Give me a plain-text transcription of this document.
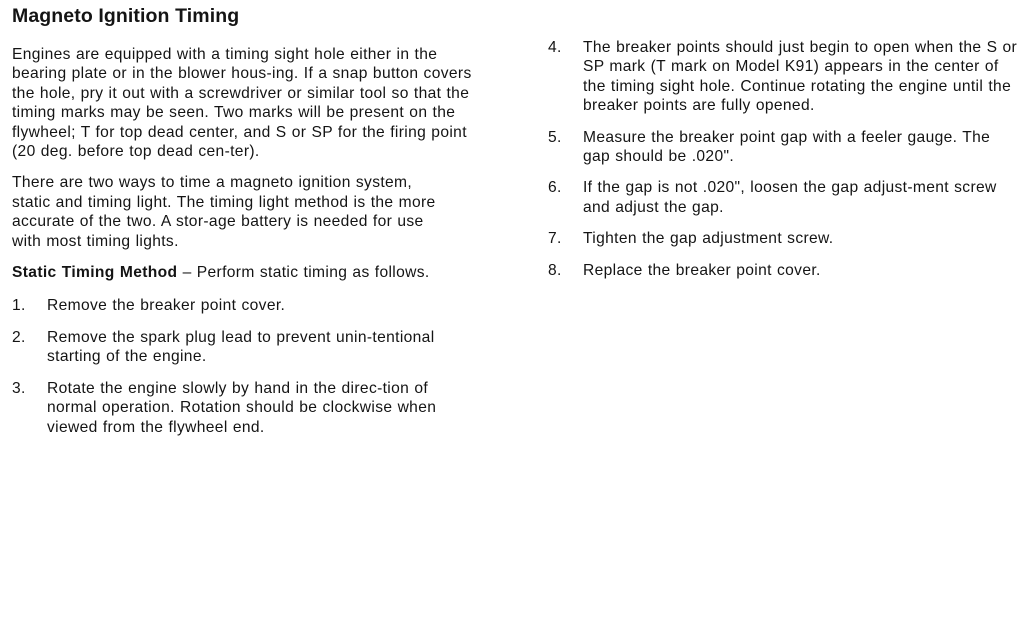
Magneto Ignition Timing

Engines are equipped with a timing sight hole either in the bearing plate or in the blower hous-ing. If a snap button covers the hole, pry it out with a screwdriver or similar tool so that the timing marks may be seen. Two marks will be present on the flywheel; T for top dead center, and S or SP for the firing point (20 deg. before top dead cen-ter).

There are two ways to time a magneto ignition system, static and timing light. The timing light method is the more accurate of the two. A stor-age battery is needed for use with most timing lights.

Static Timing Method – Perform static timing as follows.

1. Remove the breaker point cover.
2. Remove the spark plug lead to prevent unin-tentional starting of the engine.
3. Rotate the engine slowly by hand in the direc-tion of normal operation. Rotation should be clockwise when viewed from the flywheel end.
4. The breaker points should just begin to open when the S or SP mark (T mark on Model K91) appears in the center of the timing sight hole. Continue rotating the engine until the breaker points are fully opened.
5. Measure the breaker point gap with a feeler gauge. The gap should be .020".
6. If the gap is not .020", loosen the gap adjust-ment screw and adjust the gap.
7. Tighten the gap adjustment screw.
8. Replace the breaker point cover.
